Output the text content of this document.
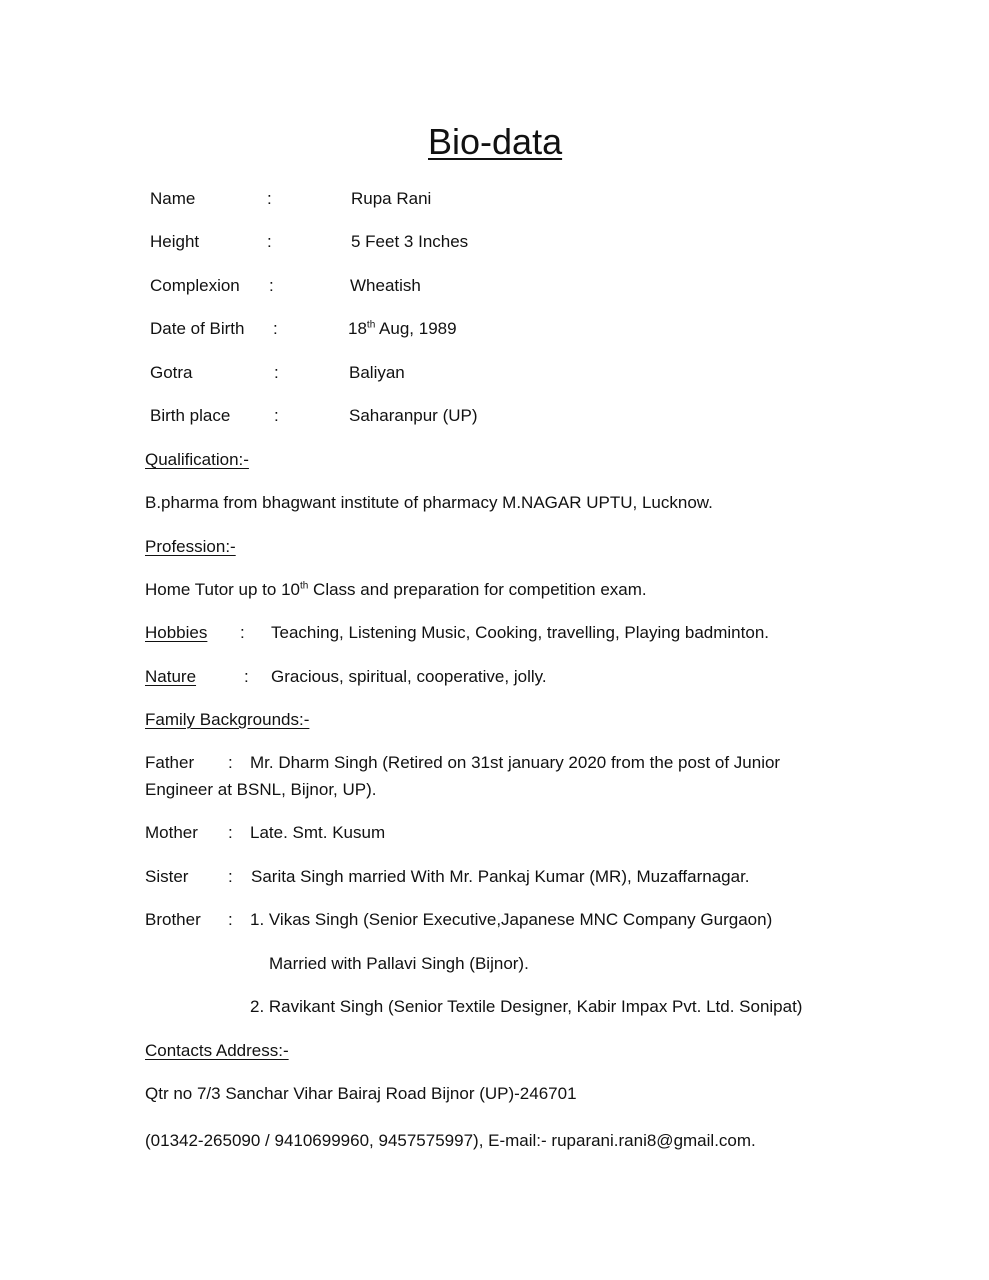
Bio-data
Name	:	Rupa Rani
Height	:	5 Feet 3 Inches
Complexion :	Wheatish
Date of Birth :	18th Aug, 1989
Gotra	:	Baliyan
Birth place	:	Saharanpur (UP)
Qualification:-
B.pharma from bhagwant institute of pharmacy M.NAGAR UPTU, Lucknow.
Profession:-
Home Tutor up to 10th Class and preparation for competition exam.
Hobbies : Teaching, Listening Music, Cooking, travelling, Playing badminton.
Nature	: Gracious, spiritual, cooperative, jolly.
Family Backgrounds:-
Father : Mr. Dharm Singh (Retired on 31st january 2020 from the post of Junior
Engineer at BSNL, Bijnor, UP).
Mother : Late. Smt. Kusum
Sister : Sarita Singh married With Mr. Pankaj Kumar (MR), Muzaffarnagar.
Brother : 1. Vikas Singh (Senior Executive,Japanese MNC Company Gurgaon)
Married with Pallavi Singh (Bijnor).
2. Ravikant Singh (Senior Textile Designer, Kabir Impax Pvt. Ltd. Sonipat)
Contacts Address:-
Qtr no 7/3 Sanchar Vihar Bairaj Road Bijnor (UP)-246701
(01342-265090 / 9410699960, 9457575997), E-mail:- ruparani.rani8@gmail.com.
